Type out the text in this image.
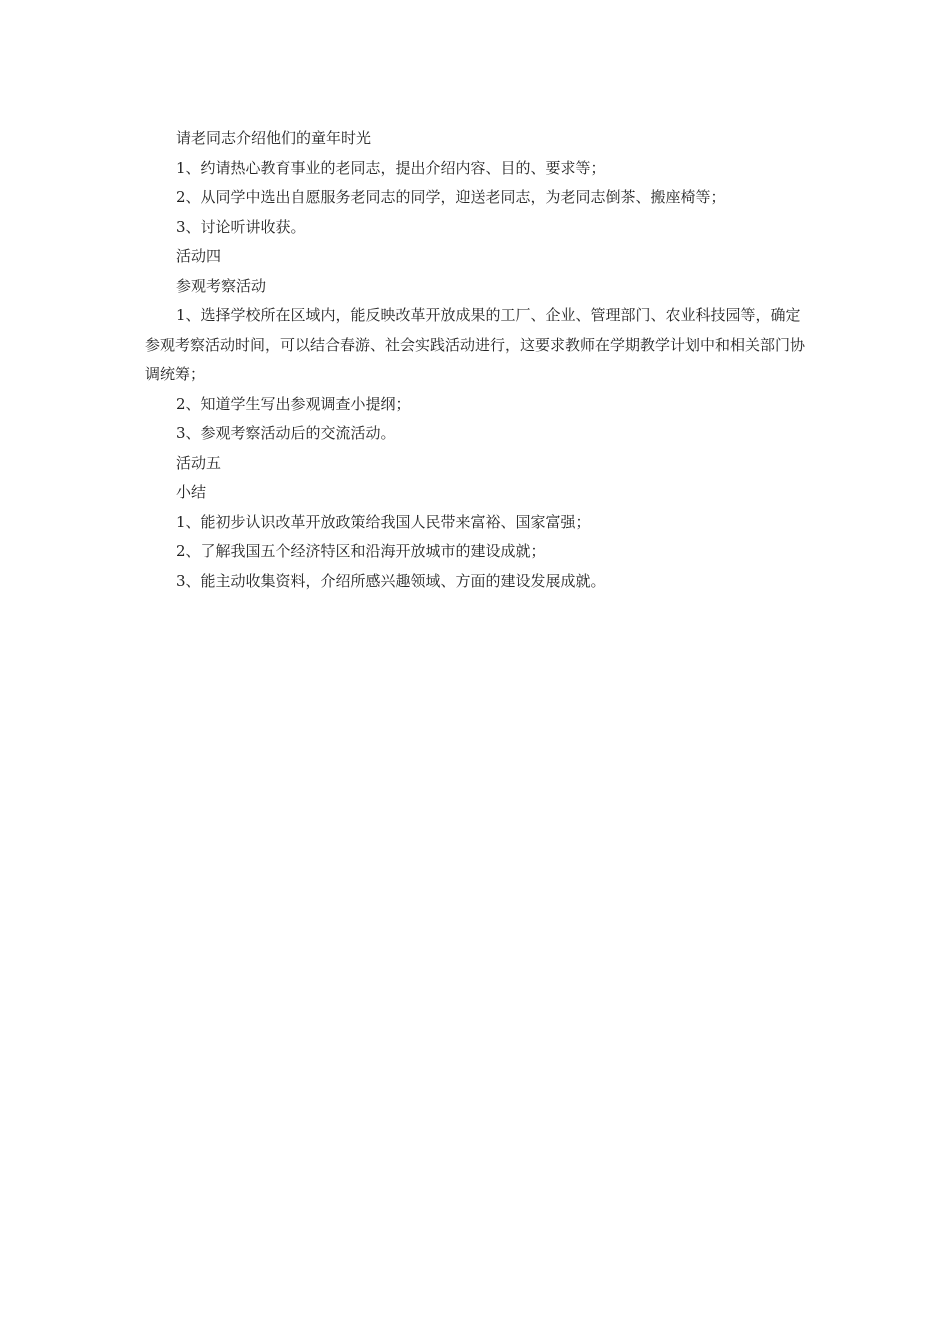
请老同志介绍他们的童年时光

1、约请热心教育事业的老同志，提出介绍内容、目的、要求等；

2、从同学中选出自愿服务老同志的同学，迎送老同志，为老同志倒茶、搬座椅等；

3、讨论听讲收获。

活动四

参观考察活动

1、选择学校所在区域内，能反映改革开放成果的工厂、企业、管理部门、农业科技园等，确定参观考察活动时间，可以结合春游、社会实践活动进行，这要求教师在学期教学计划中和相关部门协调统筹；

2、知道学生写出参观调查小提纲；

3、参观考察活动后的交流活动。

活动五

小结

1、能初步认识改革开放政策给我国人民带来富裕、国家富强；

2、了解我国五个经济特区和沿海开放城市的建设成就；

3、能主动收集资料，介绍所感兴趣领域、方面的建设发展成就。
